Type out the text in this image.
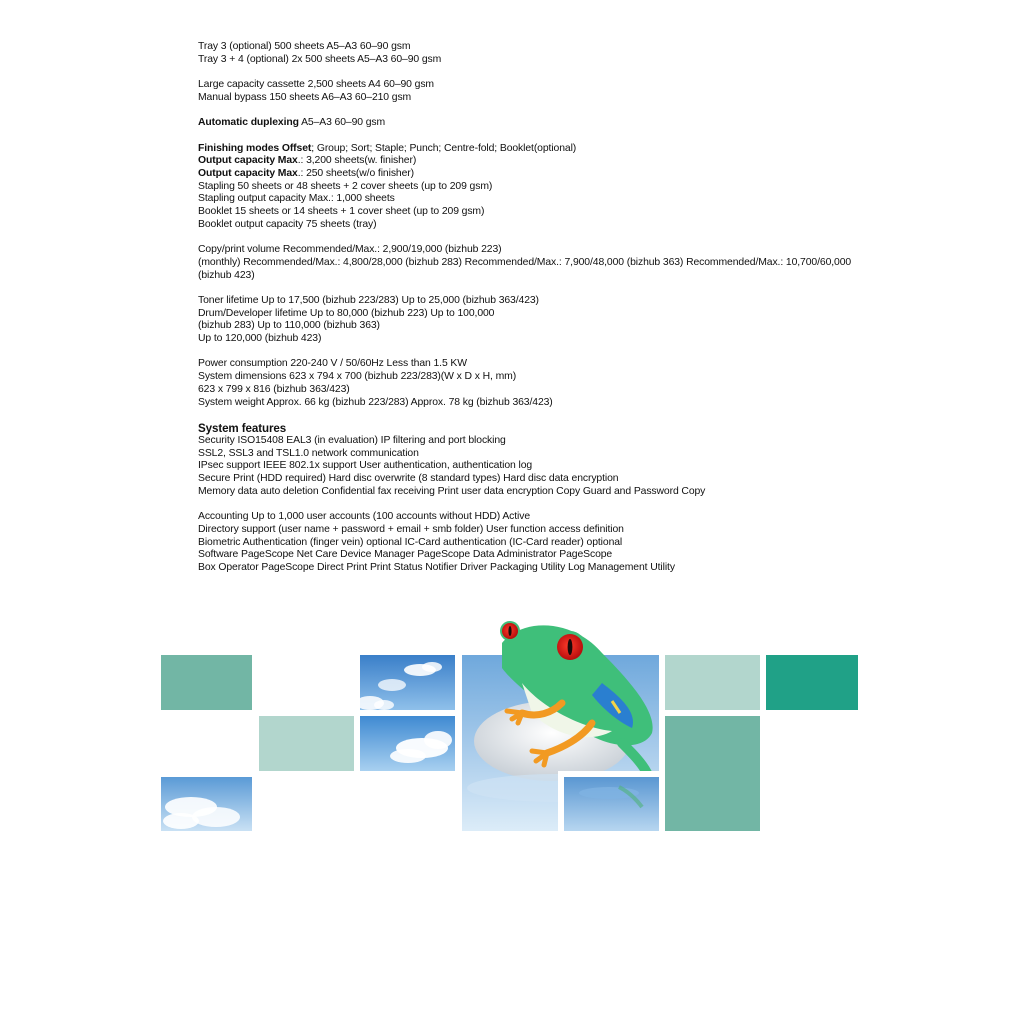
Tray 3 (optional) 500 sheets A5–A3 60–90 gsm
Tray 3 + 4 (optional) 2x 500 sheets A5–A3 60–90 gsm
Large capacity cassette 2,500 sheets A4 60–90 gsm
Manual bypass 150 sheets A6–A3 60–210 gsm
Automatic duplexing A5–A3 60–90 gsm
Finishing modes Offset; Group; Sort; Staple; Punch; Centre-fold; Booklet(optional)
Output capacity Max.: 3,200 sheets(w. finisher)
Output capacity Max.: 250 sheets(w/o finisher)
Stapling 50 sheets or 48 sheets + 2 cover sheets (up to 209 gsm)
Stapling output capacity Max.: 1,000 sheets
Booklet 15 sheets or 14 sheets + 1 cover sheet (up to 209 gsm)
Booklet output capacity 75 sheets (tray)
Copy/print volume Recommended/Max.: 2,900/19,000 (bizhub 223)
(monthly) Recommended/Max.: 4,800/28,000 (bizhub 283) Recommended/Max.: 7,900/48,000 (bizhub 363) Recommended/Max.: 10,700/60,000 (bizhub 423)
Toner lifetime Up to 17,500 (bizhub 223/283) Up to 25,000 (bizhub 363/423)
Drum/Developer lifetime Up to 80,000 (bizhub 223) Up to 100,000
(bizhub 283) Up to 110,000 (bizhub 363)
Up to 120,000 (bizhub 423)
Power consumption 220-240 V / 50/60Hz Less than 1.5 KW
System dimensions 623 x 794 x 700 (bizhub 223/283)(W x D x H, mm)
623 x 799 x 816 (bizhub 363/423)
System weight Approx. 66 kg (bizhub 223/283) Approx. 78 kg (bizhub 363/423)
System features
Security ISO15408 EAL3 (in evaluation) IP filtering and port blocking
SSL2, SSL3 and TSL1.0 network communication
IPsec support IEEE 802.1x support User authentication, authentication log
Secure Print (HDD required) Hard disc overwrite (8 standard types) Hard disc data encryption
Memory data auto deletion Confidential fax receiving Print user data encryption Copy Guard and Password Copy
Accounting Up to 1,000 user accounts (100 accounts without HDD) Active
Directory support (user name + password + email + smb folder) User function access definition
Biometric Authentication (finger vein) optional IC-Card authentication (IC-Card reader) optional
Software PageScope Net Care Device Manager PageScope Data Administrator PageScope
Box Operator PageScope Direct Print Print Status Notifier Driver Packaging Utility Log Management Utility
